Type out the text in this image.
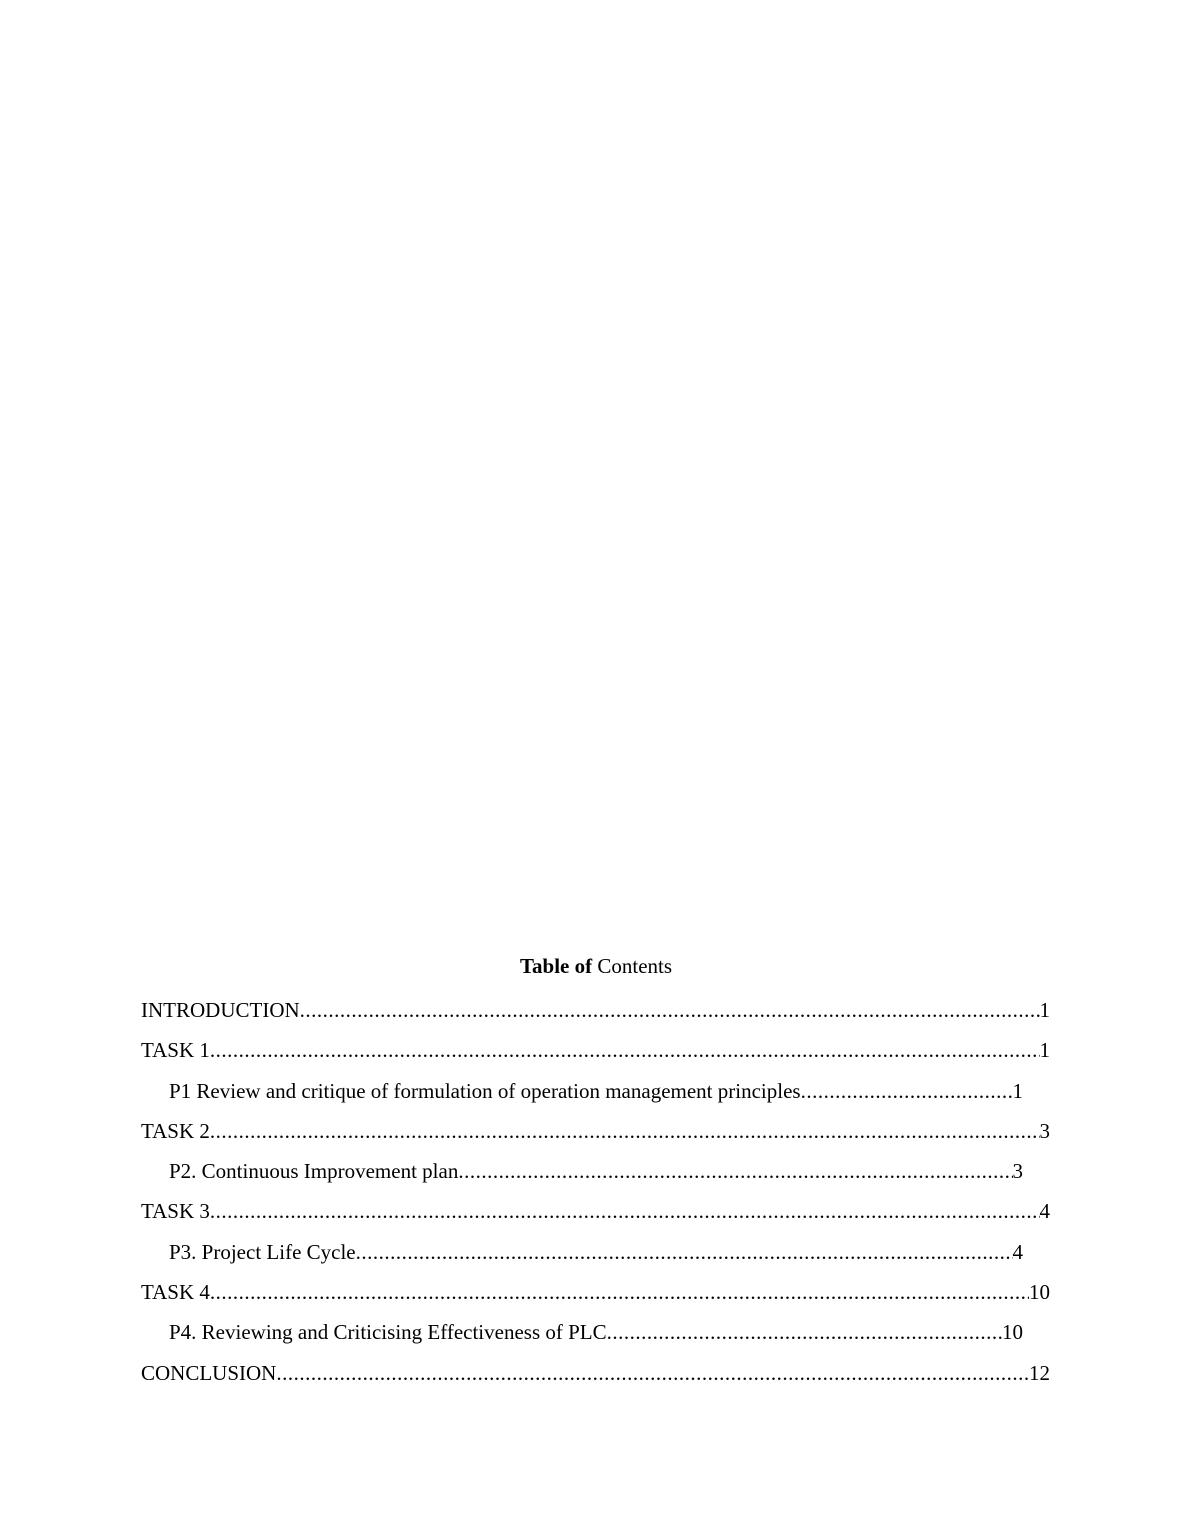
Table of Contents
INTRODUCTION .....	1
TASK 1 .....	1
P1 Review and critique of formulation of operation management principles .....	1
TASK 2 .....	3
P2. Continuous Improvement plan .....	3
TASK 3 .....	4
P3. Project Life Cycle .....	4
TASK 4 .....	10
P4. Reviewing and Criticising Effectiveness of PLC .....	10
CONCLUSION .....	12
